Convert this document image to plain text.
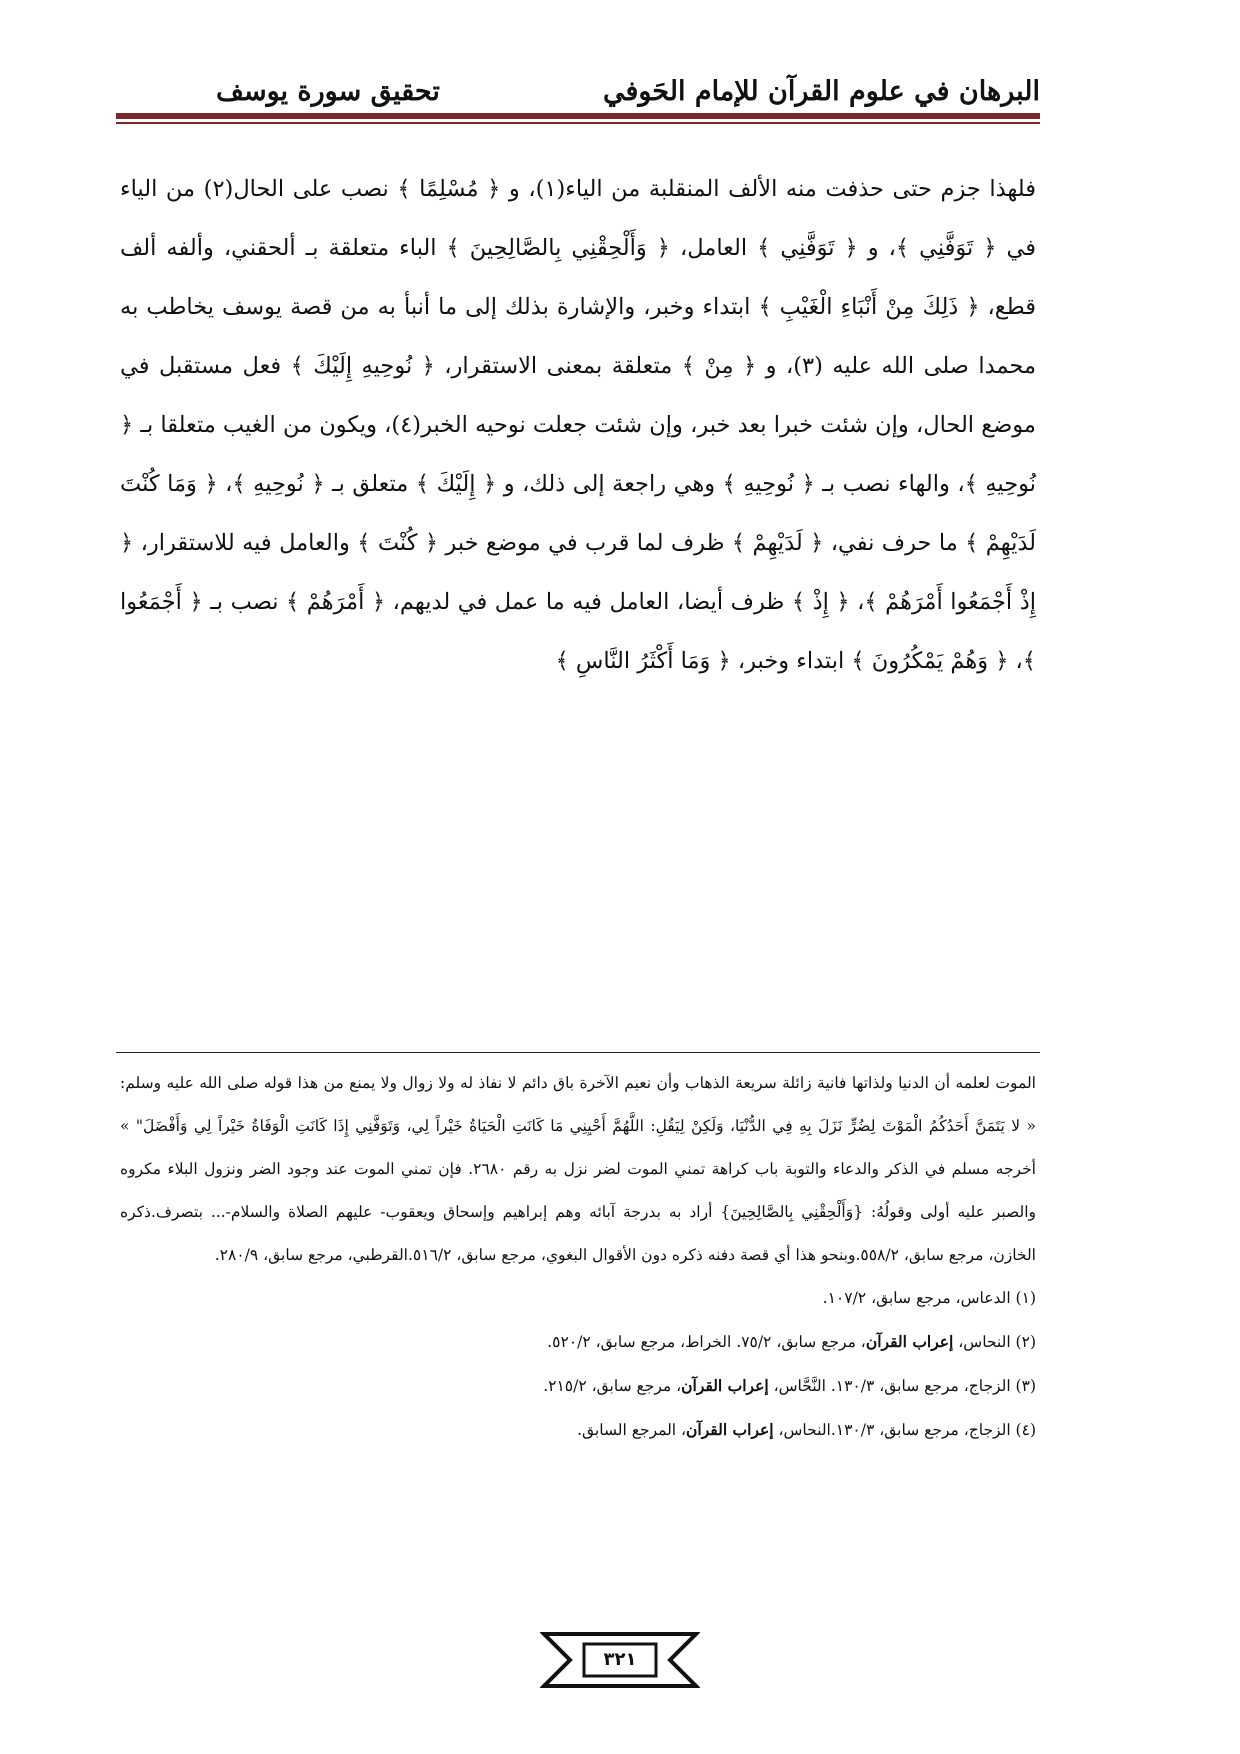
البرهان في علوم القرآن للإمام الحَوفي
تحقيق سورة يوسف

فلهذا جزم حتى حذفت منه الألف المنقلبة من الياء(١)، و ﴿ مُسْلِمًا ﴾ نصب على الحال(٢) من الياء في ﴿ تَوَفَّنِي ﴾، و ﴿ تَوَفَّنِي ﴾ العامل، ﴿ وَأَلْحِقْنِي بِالصَّالِحِينَ ﴾ الباء متعلقة بـ ألحقني، وألفه ألف قطع، ﴿ ذَلِكَ مِنْ أَنْبَاءِ الْغَيْبِ ﴾ ابتداء وخبر، والإشارة بذلك إلى ما أنبأ به من قصة يوسف يخاطب به محمدا صلى الله عليه (٣)، و ﴿ مِنْ ﴾ متعلقة بمعنى الاستقرار، ﴿ نُوحِيهِ إِلَيْكَ ﴾ فعل مستقبل في موضع الحال، وإن شئت خبرا بعد خبر، وإن شئت جعلت نوحيه الخبر(٤)، ويكون من الغيب متعلقا بـ ﴿ نُوحِيهِ ﴾، والهاء نصب بـ ﴿ نُوحِيهِ ﴾ وهي راجعة إلى ذلك، و ﴿ إِلَيْكَ ﴾ متعلق بـ ﴿ نُوحِيهِ ﴾، ﴿ وَمَا كُنْتَ لَدَيْهِمْ ﴾ ما حرف نفي، ﴿ لَدَيْهِمْ ﴾ ظرف لما قرب في موضع خبر ﴿ كُنْتَ ﴾ والعامل فيه للاستقرار، ﴿ إِذْ أَجْمَعُوا أَمْرَهُمْ ﴾، ﴿ إِذْ ﴾ ظرف أيضا، العامل فيه ما عمل في لديهم، ﴿ أَمْرَهُمْ ﴾ نصب بـ ﴿ أَجْمَعُوا ﴾، ﴿ وَهُمْ يَمْكُرُونَ ﴾ ابتداء وخبر، ﴿ وَمَا أَكْثَرُ النَّاسِ ﴾

الموت لعلمه أن الدنيا ولذاتها فانية زائلة سريعة الذهاب وأن نعيم الآخرة باق دائم لا نفاذ له ولا زوال ولا يمنع من هذا قوله صلى الله عليه وسلم: « لا يَتَمَنَّ أَحَدُكُمُ الْمَوْتَ لِضُرٍّ نَزَلَ بِهِ فِي الدُّنْيَا، وَلَكِنْ لِيَقُلِ: اللَّهُمَّ أَحْيِنِي مَا كَانَتِ الْحَيَاةُ خَيْراً لِي، وَتَوَفَّنِي إِذَا كَانَتِ الْوَفَاةُ خَيْراً لِي وَأَفْضَلَ" » أخرجه مسلم في الذكر والدعاء والتوبة باب كراهة تمني الموت لضر نزل به رقم ٢٦٨٠. فإن تمني الموت عند وجود الضر ونزول البلاء مكروه والصبر عليه أولى وقولُهُ: {وَأَلْحِقْنِي بِالصَّالِحِينَ} أراد به بدرجة آبائه وهم إبراهيم وإسحاق ويعقوب- عليهم الصلاة والسلام-... بتصرف.ذكره الخازن، مرجع سابق، ٥٥٨/٢.وبنحو هذا أي قصة دفنه ذكره دون الأقوال البغوي، مرجع سابق، ٥١٦/٢.القرطبي، مرجع سابق، ٢٨٠/٩.

(١) الدعاس، مرجع سابق، ١٠٧/٢.

(٢) النحاس، إعراب القرآن، مرجع سابق، ٧٥/٢. الخراط، مرجع سابق، ٥٢٠/٢.

(٣) الزجاج، مرجع سابق، ١٣٠/٣. النَّحَّاس، إعراب القرآن، مرجع سابق، ٢١٥/٢.

(٤) الزجاج، مرجع سابق، ١٣٠/٣.النحاس، إعراب القرآن، المرجع السابق.

٣٢١
